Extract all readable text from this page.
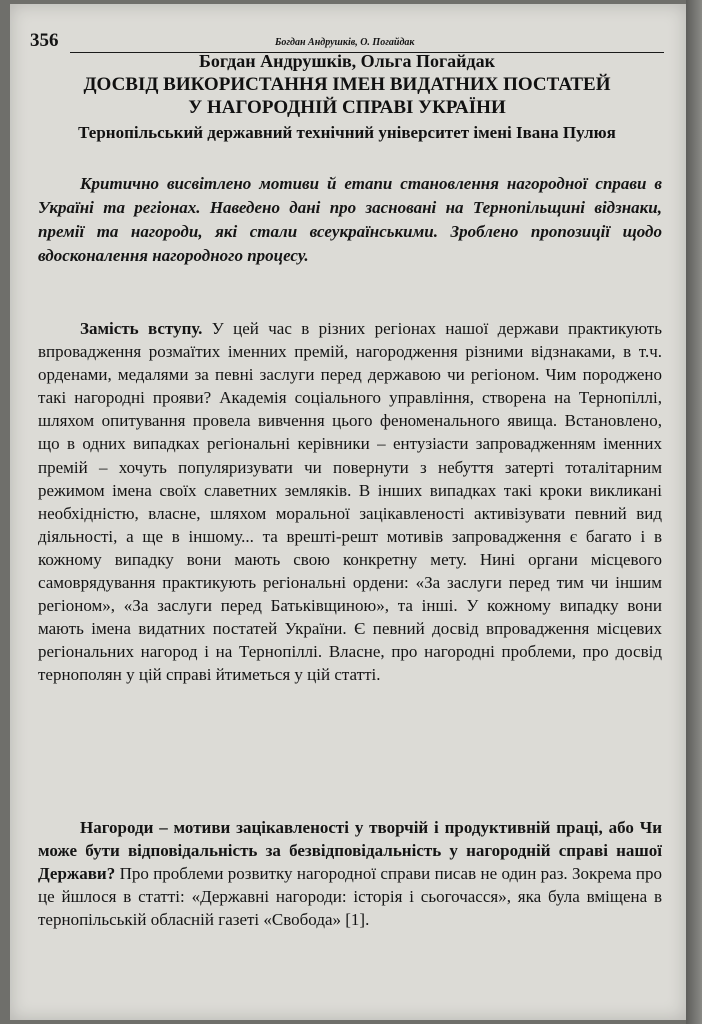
356	Богдан Андрушків, О. Погайдак
Богдан Андрушків, Ольга Погайдак
ДОСВІД ВИКОРИСТАННЯ ІМЕН ВИДАТНИХ ПОСТАТЕЙ
У НАГОРОДНІЙ СПРАВІ УКРАЇНИ
Тернопільський державний технічний університет імені Івана Пулюя

Критично висвітлено мотиви й етапи становлення нагородної справи в Україні та регіонах. Наведено дані про засновані на Тернопільщині відзнаки, премії та нагороди, які стали всеукраїнськими. Зроблено пропозиції щодо вдосконалення нагородного процесу.

Замість вступу. У цей час в різних регіонах нашої держави практикують впровадження розмаїтих іменних премій, нагородження різними відзнаками, в т.ч. орденами, медалями за певні заслуги перед державою чи регіоном. Чим породжено такі нагородні прояви? Академія соціального управління, створена на Тернопіллі, шляхом опитування провела вивчення цього феноменального явища. Встановлено, що в одних випадках регіональні керівники – ентузіасти запровадженням іменних премій – хочуть популяризувати чи повернути з небуття затерті тоталітарним режимом імена своїх славетних земляків. В інших випадках такі кроки викликані необхідністю, власне, шляхом моральної зацікавленості активізувати певний вид діяльності, а ще в іншому... та врешті-решт мотивів запровадження є багато і в кожному випадку вони мають свою конкретну мету. Нині органи місцевого самоврядування практикують регіональні ордени: «За заслуги перед тим чи іншим регіоном», «За заслуги перед Батьківщиною», та інші. У кожному випадку вони мають імена видатних постатей України. Є певний досвід впровадження місцевих регіональних нагород і на Тернопіллі. Власне, про нагородні проблеми, про досвід тернополян у цій справі йтиметься у цій статті.

Нагороди – мотиви зацікавленості у творчій і продуктивній праці, або Чи може бути відповідальність за безвідповідальність у нагородній справі нашої Держави? Про проблеми розвитку нагородної справи писав не один раз. Зокрема про це йшлося в статті: «Державні нагороди: історія і сьогочасся», яка була вміщена в тернопільській обласній газеті «Свобода» [1].
